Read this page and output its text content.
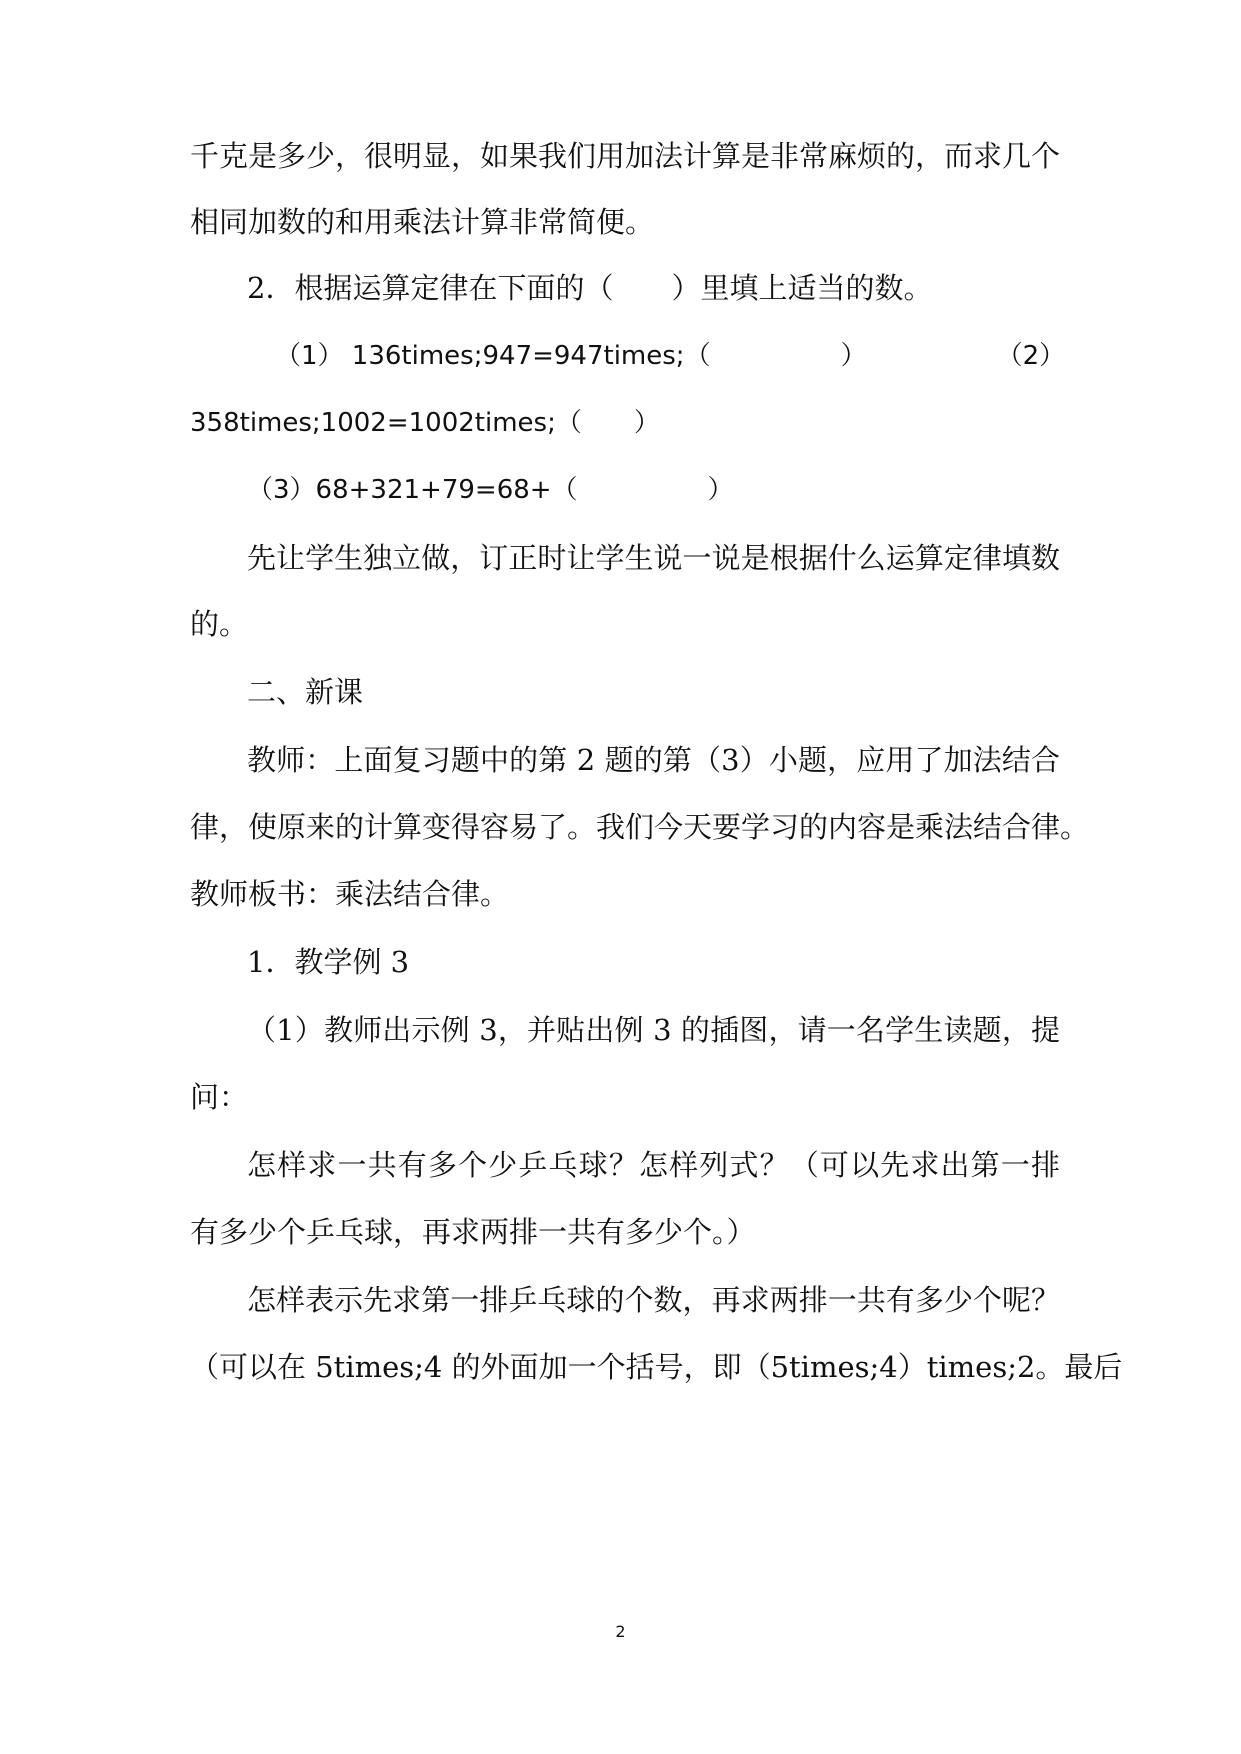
千克是多少，很明显，如果我们用加法计算是非常麻烦的，而求几个
相同加数的和用乘法计算非常简便。
2．根据运算定律在下面的（　　）里填上适当的数。
（1） 136times;947=947times;（　　　　　）　　　　　　（2）
358times;1002=1002times;（　　）
（3）68+321+79=68+（　　　　　）
先让学生独立做，订正时让学生说一说是根据什么运算定律填数
的。
二、新课
教师：上面复习题中的第 2 题的第（3）小题，应用了加法结合
律，使原来的计算变得容易了。我们今天要学习的内容是乘法结合律。
教师板书：乘法结合律。
1．教学例 3
（1）教师出示例 3，并贴出例 3 的插图，请一名学生读题，提
问：
怎样求一共有多个少乒乓球？怎样列式？（可以先求出第一排
有多少个乒乓球，再求两排一共有多少个。）
怎样表示先求第一排乒乓球的个数，再求两排一共有多少个呢？
（可以在 5times;4 的外面加一个括号，即（5times;4）times;2。最后
2
